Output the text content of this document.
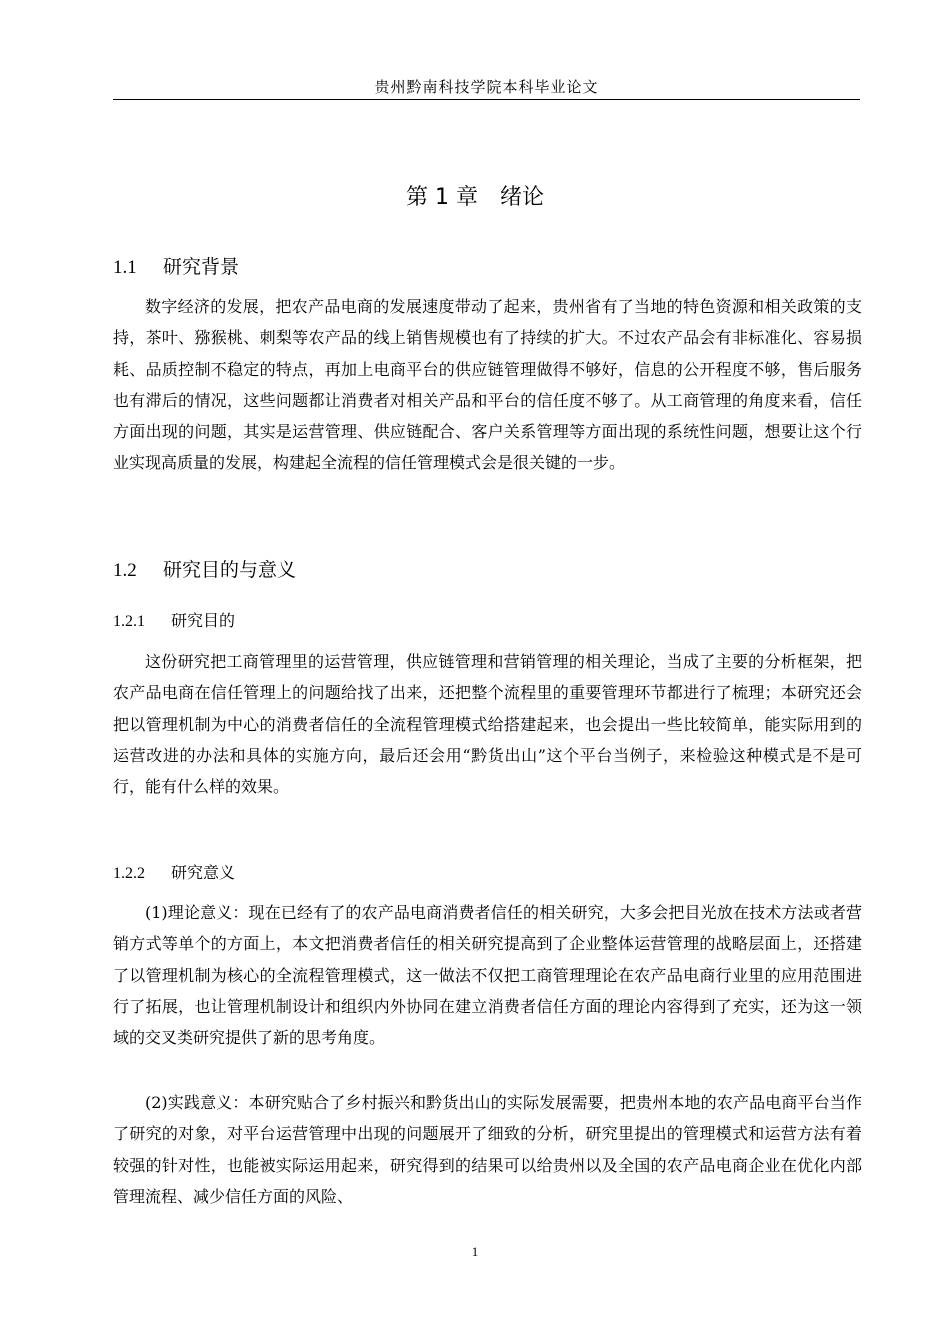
贵州黔南科技学院本科毕业论文
第 1 章 绪论
1.1 研究背景

数字经济的发展，把农产品电商的发展速度带动了起来，贵州省有了当地的特色资源和相关政策的支持，茶叶、猕猴桃、刺梨等农产品的线上销售规模也有了持续的扩大。不过农产品会有非标准化、容易损耗、品质控制不稳定的特点，再加上电商平台的供应链管理做得不够好，信息的公开程度不够，售后服务也有滞后的情况，这些问题都让消费者对相关产品和平台的信任度不够了。从工商管理的角度来看，信任方面出现的问题，其实是运营管理、供应链配合、客户关系管理等方面出现的系统性问题，想要让这个行业实现高质量的发展，构建起全流程的信任管理模式会是很关键的一步。

1.2 研究目的与意义
1.2.1 研究目的

这份研究把工商管理里的运营管理，供应链管理和营销管理的相关理论，当成了主要的分析框架，把农产品电商在信任管理上的问题给找了出来，还把整个流程里的重要管理环节都进行了梳理；本研究还会把以管理机制为中心的消费者信任的全流程管理模式给搭建起来，也会提出一些比较简单，能实际用到的运营改进的办法和具体的实施方向，最后还会用“黔货出山”这个平台当例子，来检验这种模式是不是可行，能有什么样的效果。

1.2.2 研究意义

(1)理论意义：现在已经有了的农产品电商消费者信任的相关研究，大多会把目光放在技术方法或者营销方式等单个的方面上，本文把消费者信任的相关研究提高到了企业整体运营管理的战略层面上，还搭建了以管理机制为核心的全流程管理模式，这一做法不仅把工商管理理论在农产品电商行业里的应用范围进行了拓展，也让管理机制设计和组织内外协同在建立消费者信任方面的理论内容得到了充实，还为这一领域的交叉类研究提供了新的思考角度。

(2)实践意义：本研究贴合了乡村振兴和黔货出山的实际发展需要，把贵州本地的农产品电商平台当作了研究的对象，对平台运营管理中出现的问题展开了细致的分析，研究里提出的管理模式和运营方法有着较强的针对性，也能被实际运用起来，研究得到的结果可以给贵州以及全国的农产品电商企业在优化内部管理流程、减少信任方面的风险、

1
